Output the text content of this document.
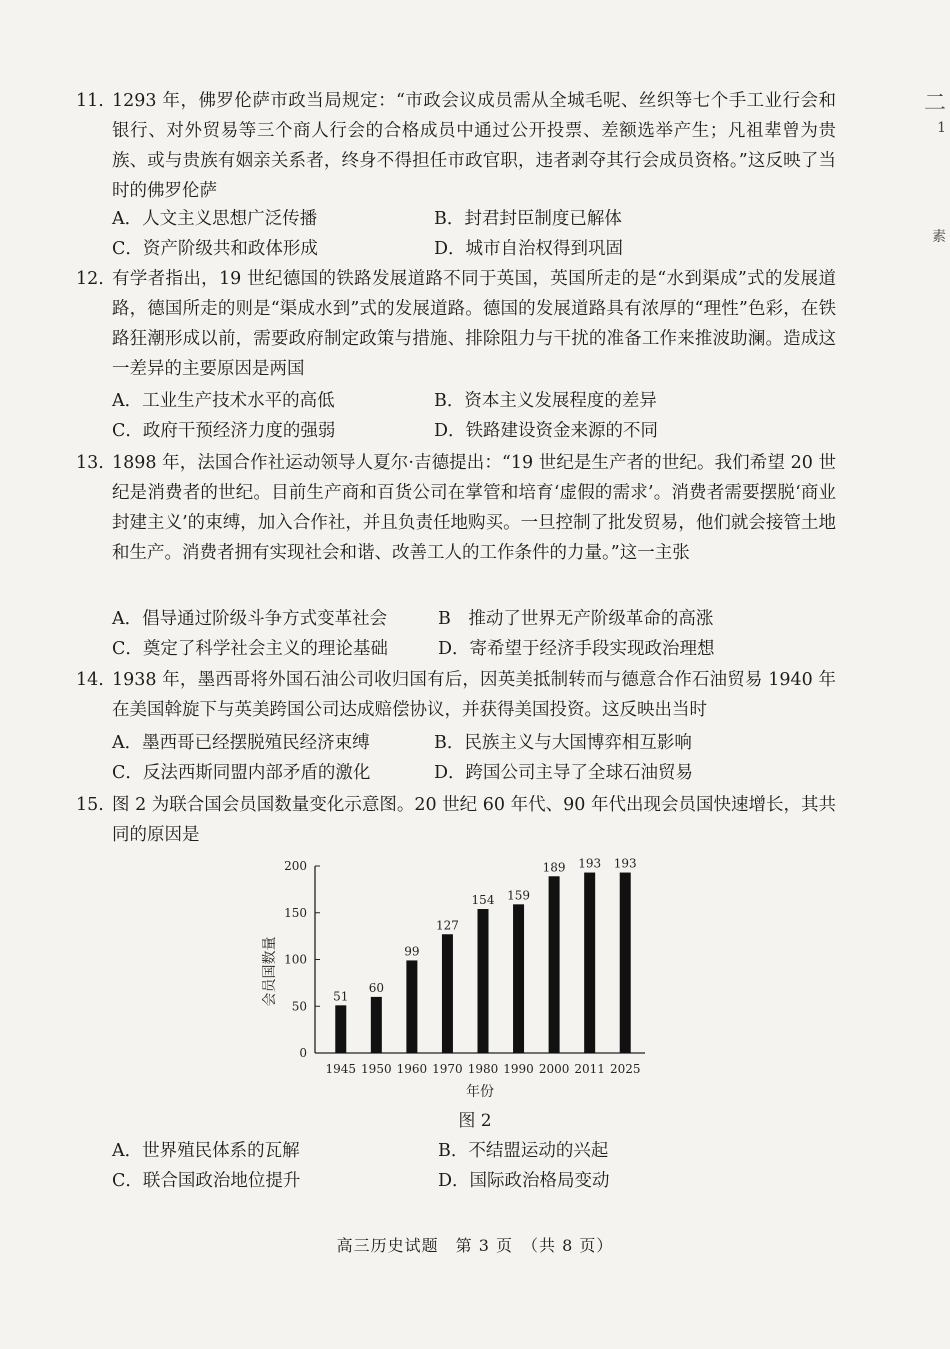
11. 1293 年，佛罗伦萨市政当局规定：“市政会议成员需从全城毛呢、丝织等七个手工业行会和银行、对外贸易等三个商人行会的合格成员中通过公开投票、差额选举产生；凡祖辈曾为贵族、或与贵族有姻亲关系者，终身不得担任市政官职，违者剥夺其行会成员资格。”这反映了当时的佛罗伦萨
A．人文主义思想广泛传播	B．封君封臣制度已解体
C．资产阶级共和政体形成	D．城市自治权得到巩固
12. 有学者指出，19 世纪德国的铁路发展道路不同于英国，英国所走的是“水到渠成”式的发展道路，德国所走的则是“渠成水到”式的发展道路。德国的发展道路具有浓厚的“理性”色彩，在铁路狂潮形成以前，需要政府制定政策与措施、排除阻力与干扰的准备工作来推波助澜。造成这一差异的主要原因是两国
A．工业生产技术水平的高低	B．资本主义发展程度的差异
C．政府干预经济力度的强弱	D．铁路建设资金来源的不同
13. 1898 年，法国合作社运动领导人夏尔·吉德提出：“19 世纪是生产者的世纪。我们希望 20 世纪是消费者的世纪。目前生产商和百货公司在掌管和培育‘虚假的需求’。消费者需要摆脱‘商业封建主义’的束缚，加入合作社，并且负责任地购买。一旦控制了批发贸易，他们就会接管土地和生产。消费者拥有实现社会和谐、改善工人的工作条件的力量。”这一主张
A．倡导通过阶级斗争方式变革社会	B　推动了世界无产阶级革命的高涨
C．奠定了科学社会主义的理论基础	D．寄希望于经济手段实现政治理想
14. 1938 年，墨西哥将外国石油公司收归国有后，因英美抵制转而与德意合作石油贸易 1940 年在美国斡旋下与英美跨国公司达成赔偿协议，并获得美国投资。这反映出当时
A．墨西哥已经摆脱殖民经济束缚	B．民族主义与大国博弈相互影响
C．反法西斯同盟内部矛盾的激化	D．跨国公司主导了全球石油贸易
15. 图 2 为联合国会员国数量变化示意图。20 世纪 60 年代、90 年代出现会员国快速增长，其共同的原因是
0
50
100
150
200
会员国数量	51
1945
60
1950
99
1960
127
1970
154
1980
159
1990
189
2000
193
2011
193
2025
年份
图 2
A．世界殖民体系的瓦解	B．不结盟运动的兴起
C．联合国政治地位提升	D．国际政治格局变动
高三历史试题　第 3 页　（共 8 页）
二
1
素
